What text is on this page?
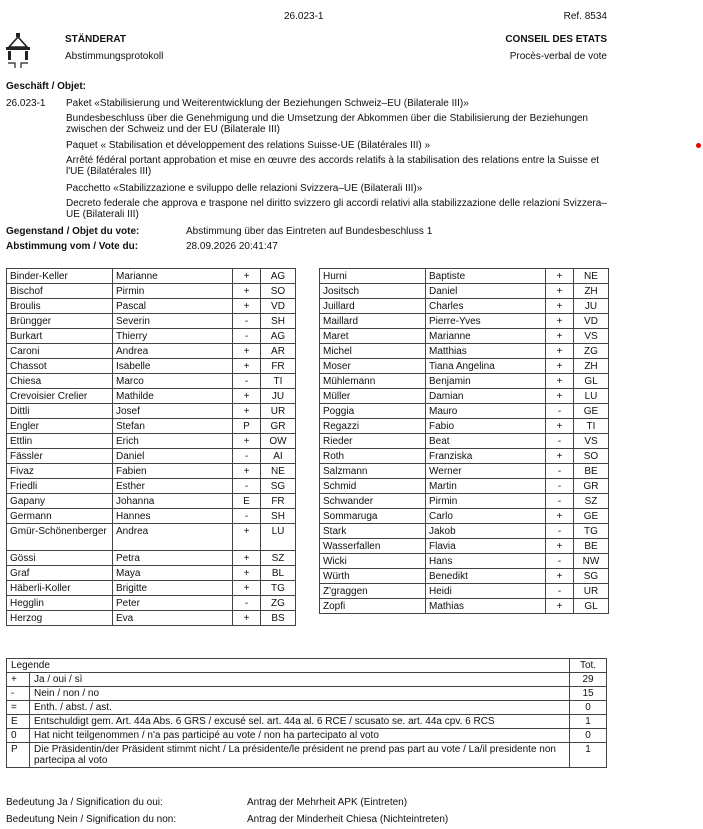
26.023-1	Ref. 8534
STÄNDERAT
Abstimmungsprotokoll
CONSEIL DES ETATS
Procès-verbal de vote
Geschäft / Objet:
26.023-1 Paket «Stabilisierung und Weiterentwicklung der Beziehungen Schweiz–EU (Bilaterale III)»
Bundesbeschluss über die Genehmigung und die Umsetzung der Abkommen über die Stabilisierung der Beziehungen zwischen der Schweiz und der EU (Bilaterale III)
Paquet « Stabilisation et développement des relations Suisse-UE (Bilatérales III) »
Arrêté fédéral portant approbation et mise en œuvre des accords relatifs à la stabilisation des relations entre la Suisse et l'UE (Bilatérales III)
Pacchetto «Stabilizzazione e sviluppo delle relazioni Svizzera–UE (Bilaterali III)»
Decreto federale che approva e traspone nel diritto svizzero gli accordi relativi alla stabilizzazione delle relazioni Svizzera–UE (Bilaterali III)
Gegenstand / Objet du vote:	Abstimmung über das Eintreten auf Bundesbeschluss 1
Abstimmung vom / Vote du:	28.09.2026 20:41:47
Binder-Keller	Marianne	+	AG
Bischof	Pirmin	+	SO
Broulis	Pascal	+	VD
Brüngger	Severin	-	SH
Burkart	Thierry	-	AG
Caroni	Andrea	+	AR
Chassot	Isabelle	+	FR
Chiesa	Marco	-	TI
Crevoisier Crelier	Mathilde	+	JU
Dittli	Josef	+	UR
Engler	Stefan	P	GR
Ettlin	Erich	+	OW
Fässler	Daniel	-	AI
Fivaz	Fabien	+	NE
Friedli	Esther	-	SG
Gapany	Johanna	E	FR
Germann	Hannes	-	SH
Gmür-Schönenberger	Andrea	+	LU
Gössi	Petra	+	SZ
Graf	Maya	+	BL
Häberli-Koller	Brigitte	+	TG
Hegglin	Peter	-	ZG
Herzog	Eva	+	BS
Hurni	Baptiste	+	NE
Jositsch	Daniel	+	ZH
Juillard	Charles	+	JU
Maillard	Pierre-Yves	+	VD
Maret	Marianne	+	VS
Michel	Matthias	+	ZG
Moser	Tiana Angelina	+	ZH
Mühlemann	Benjamin	+	GL
Müller	Damian	+	LU
Poggia	Mauro	-	GE
Regazzi	Fabio	+	TI
Rieder	Beat	-	VS
Roth	Franziska	+	SO
Salzmann	Werner	-	BE
Schmid	Martin	-	GR
Schwander	Pirmin	-	SZ
Sommaruga	Carlo	+	GE
Stark	Jakob	-	TG
Wasserfallen	Flavia	+	BE
Wicki	Hans	-	NW
Würth	Benedikt	+	SG
Z'graggen	Heidi	-	UR
Zopfi	Mathias	+	GL
Legende		Tot.
+	Ja / oui / sì	29
-	Nein / non / no	15
=	Enth. / abst. / ast.	0
E	Entschuldigt gem. Art. 44a Abs. 6 GRS / excusé sel. art. 44a al. 6 RCE / scusato se. art. 44a cpv. 6 RCS	1
0	Hat nicht teilgenommen / n'a pas participé au vote / non ha partecipato al voto	0
P	Die Präsidentin/der Präsident stimmt nicht / La présidente/le président ne prend pas part au vote / La/il presidente non partecipa al voto	1
Bedeutung Ja / Signification du oui:	Antrag der Mehrheit APK (Eintreten)
Bedeutung Nein / Signification du non:	Antrag der Minderheit Chiesa (Nichteintreten)
